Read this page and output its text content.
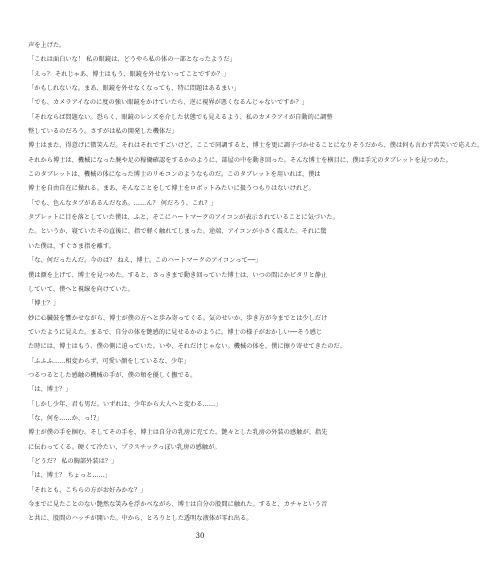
声を上げた。
「これは面白いな！ 私の眼鏡は、どうやら私の体の一部となったようだ」
「えっ？ それじゃあ、博士はもう、眼鏡を外せないってことですか？」
「かもしれないな。まあ、眼鏡を外せなくなっても、特に問題はあるまい」
「でも、カメラアイなのに度の強い眼鏡をかけていたら、逆に視界が悪くなるんじゃないですか？」
「それならば問題ない。恐らく、眼鏡のレンズを介した状態でも見えるよう、私のカメラアイが自動的に調整
整しているのだろう。さすがは私の開発した機体だ」
博士はまた、得意げに微笑んだ。それはそれですごいけど、ここで同調すると、博士を更に調子づかせることになりそうだから、僕は何も言わず苦笑いで応えた。
それから博士は、機械になった腕や足の稼働確認をするかのように、部屋の中を動き回った。そんな博士を横目に、僕は手元のタブレットを見つめた。
このタブレットは、機械の体になった博士のリモコンのようなものだ。このタブレットを用いれば、僕は
博士を自由自在に操れる。まあ、そんなことをして博士をロボットみたいに扱うつもりはないけれど。
「でも、色んなタブがあるんだなあ。……ん？ 何だろう、これ？」
タブレットに目を落としていた僕は、ふと、そこにハートマークのアイコンが表示されていることに気づいた。
た。というか、寝ていたその直後に、指で軽く触れてしまった。途端、アイコンが小さく震えた。それに驚
いた僕は、すぐさま指を離す。
「な、何だったんだ。今のは？ ねえ、博士。このハートマークのアイコンって──」
僕は顔を上げて、博士を見つめた。すると、さっきまで動き回っていた博士は、いつの間にかピタリと静止
していて、僕へと視線を向けていた。
「博士？」
妙に心臓鼓を響かせながら、博士が僕の方へと歩み寄ってくる。気のせいか、歩き方が今までとは少しだけ
ていたように見えた。まるで、自分の体を艶感的に見せるかのように。博士の様子がおかしい──そう感じ
た時には、博士はもう、僕の側に迫っていた。いや、それだけじゃない。機械の体を、僕に擦り寄せてきたのだ。
「ふふふ……相変わらず、可愛い顔をしているな、少年」
つるつるとした感触の機械の手が、僕の頬を優しく撫でる。
「は、博士？」
「しかし少年、君も男だ。いずれは、少年から大人へと変わる……」
「な、何を……か、っ!?」
博士が僕の手を掴む。そしてその手を、博士は自分の乳房に充てた。艶々とした乳房の外装の感触が、指先
に伝わってくる。硬くて冷たい、プラスチックっぽい乳房の感触が。
「どうだ？ 私の胸部外装は？」
「は、博士？ ちょっと……」
「それとも、こちらの方がお好みかな？」
今までに見たことのない艶然な笑みを浮かべながら、博士は自分の股間に触れた。すると、カチャという音
と共に、股間のハッチが開いた。中から、とろりとした透明な液体が零れ出る。
30
